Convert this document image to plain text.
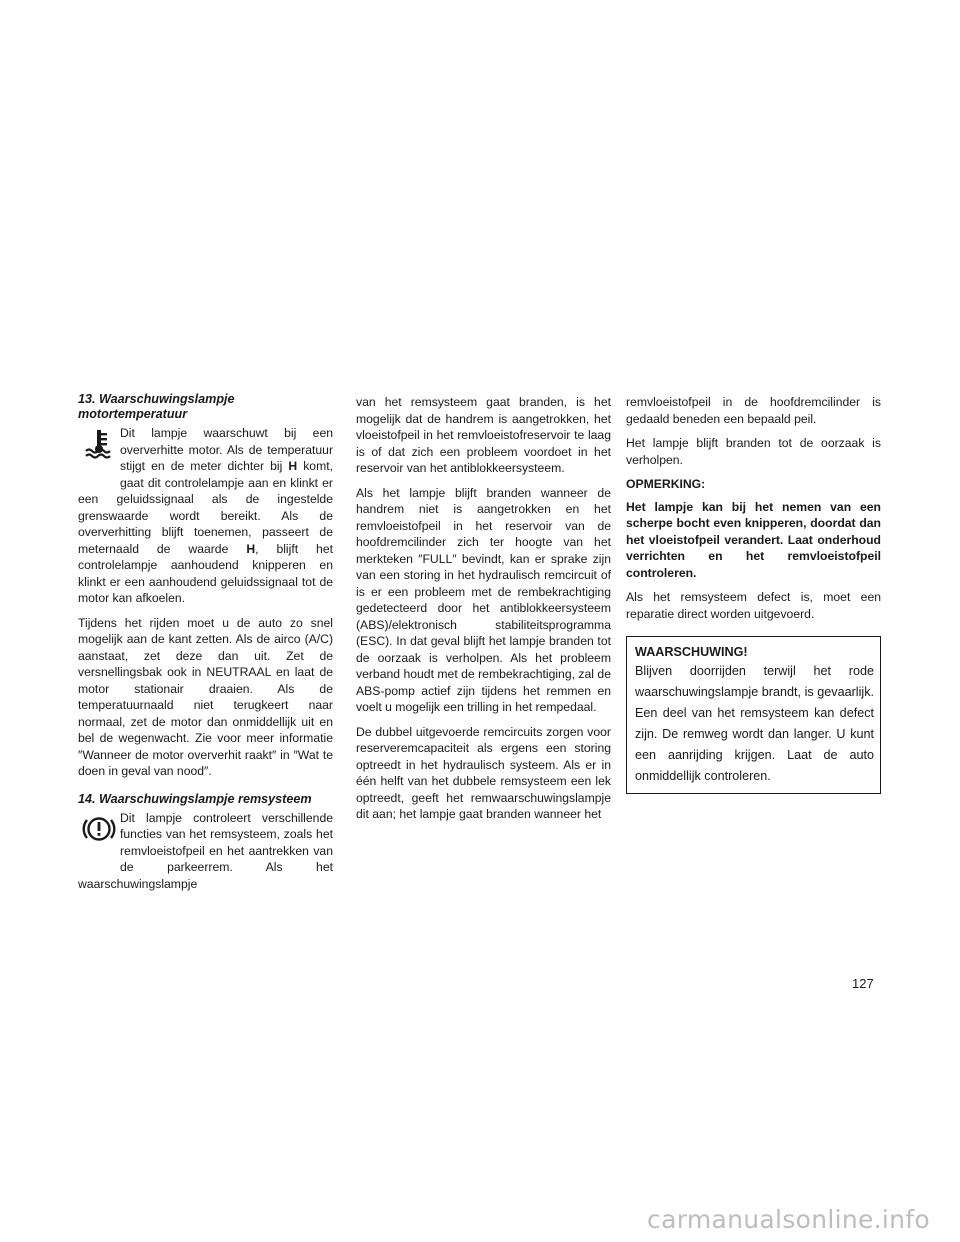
13. Waarschuwingslampje
motortemperatuur

Dit lampje waarschuwt bij een oververhitte motor. Als de temperatuur stijgt en de meter dichter bij H komt, gaat dit controlelampje aan en klinkt er een geluidssignaal als de ingestelde grenswaarde wordt bereikt. Als de oververhitting blijft toenemen, passeert de meternaald de waarde H, blijft het controlelampje aanhoudend knipperen en klinkt er een aanhoudend geluidssignaal tot de motor kan afkoelen.

Tijdens het rijden moet u de auto zo snel mogelijk aan de kant zetten. Als de airco (A/C) aanstaat, zet deze dan uit. Zet de versnellingsbak ook in NEUTRAAL en laat de motor stationair draaien. Als de temperatuurnaald niet terugkeert naar normaal, zet de motor dan onmiddellijk uit en bel de wegenwacht. Zie voor meer informatie ″Wanneer de motor oververhit raakt″ in ″Wat te doen in geval van nood″.

14. Waarschuwingslampje remsysteem

Dit lampje controleert verschillende functies van het remsysteem, zoals het remvloeistofpeil en het aantrekken van de parkeerrem. Als het waarschuwingslampje

van het remsysteem gaat branden, is het mogelijk dat de handrem is aangetrokken, het vloeistofpeil in het remvloeistofreservoir te laag is of dat zich een probleem voordoet in het reservoir van het antiblokkeersysteem.

Als het lampje blijft branden wanneer de handrem niet is aangetrokken en het remvloeistofpeil in het reservoir van de hoofdremcilinder zich ter hoogte van het merkteken ″FULL″ bevindt, kan er sprake zijn van een storing in het hydraulisch remcircuit of is er een probleem met de rembekrachtiging gedetecteerd door het antiblokkeersysteem (ABS)/elektronisch stabiliteitsprogramma (ESC). In dat geval blijft het lampje branden tot de oorzaak is verholpen. Als het probleem verband houdt met de rembekrachtiging, zal de ABS-pomp actief zijn tijdens het remmen en voelt u mogelijk een trilling in het rempedaal.

De dubbel uitgevoerde remcircuits zorgen voor reserveremcapaciteit als ergens een storing optreedt in het hydraulisch systeem. Als er in één helft van het dubbele remsysteem een lek optreedt, geeft het remwaarschuwingslampje dit aan; het lampje gaat branden wanneer het

remvloeistofpeil in de hoofdremcilinder is gedaald beneden een bepaald peil.

Het lampje blijft branden tot de oorzaak is verholpen.

OPMERKING:

Het lampje kan bij het nemen van een scherpe bocht even knipperen, doordat dan het vloeistofpeil verandert. Laat onderhoud verrichten en het remvloeistofpeil controleren.

Als het remsysteem defect is, moet een reparatie direct worden uitgevoerd.

WAARSCHUWING!
Blijven doorrijden terwijl het rode waarschuwingslampje brandt, is gevaarlijk. Een deel van het remsysteem kan defect zijn. De remweg wordt dan langer. U kunt een aanrijding krijgen. Laat de auto onmiddellijk controleren.
127
carmanualsonline.info
